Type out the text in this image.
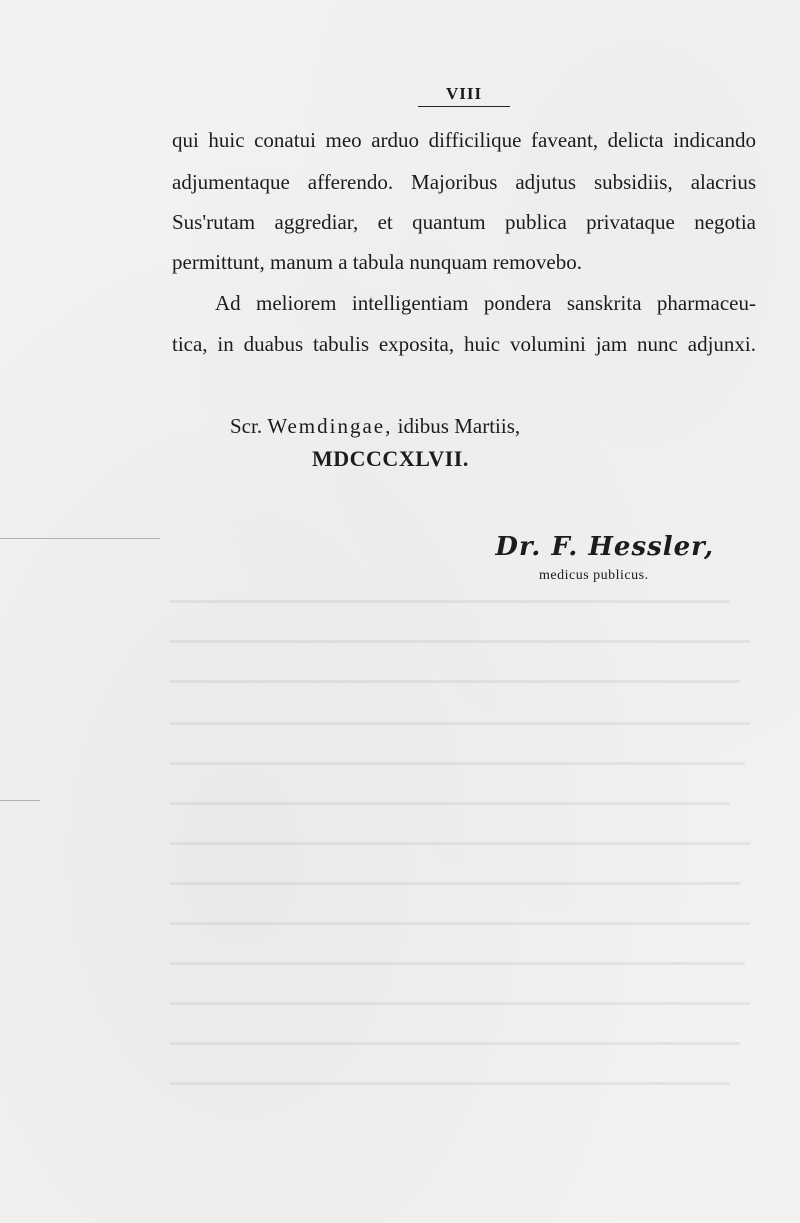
VIII
qui huic conatui meo arduo difficilique faveant, delicta indicando
adjumentaque afferendo. Majoribus adjutus subsidiis, alacrius
Sus'rutam aggrediar, et quantum publica privataque negotia
permittunt, manum a tabula nunquam removebo.
Ad meliorem intelligentiam pondera sanskrita pharmaceu-
tica, in duabus tabulis exposita, huic volumini jam nunc adjunxi.
Scr. Wemdingae, idibus Martiis,
MDCCCXLVII.
Dr. F. Hessler,
medicus publicus.
